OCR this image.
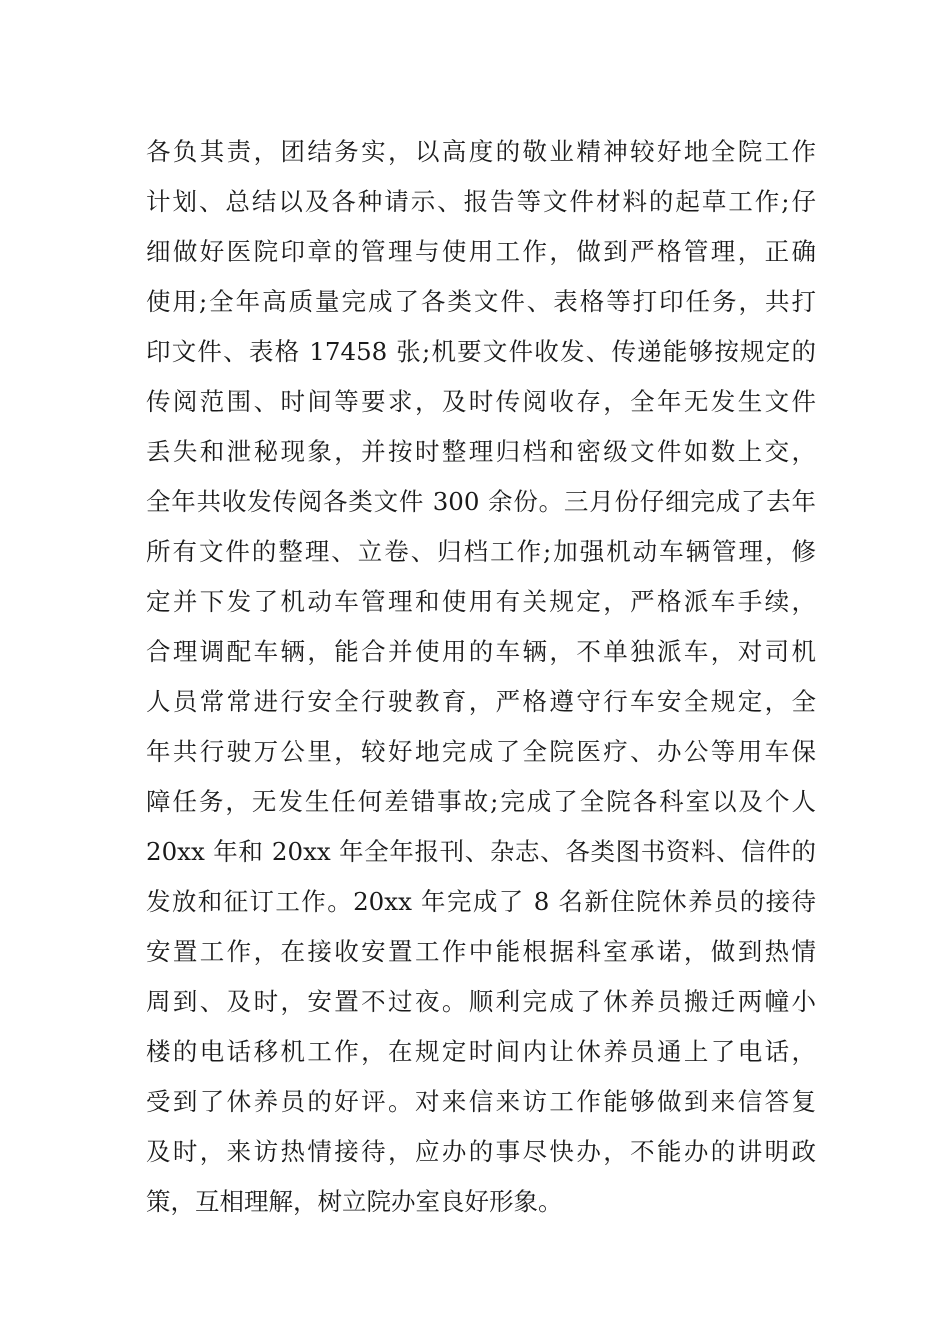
各负其责，团结务实，以高度的敬业精神较好地全院工作
计划、总结以及各种请示、报告等文件材料的起草工作;仔
细做好医院印章的管理与使用工作，做到严格管理，正确
使用;全年高质量完成了各类文件、表格等打印任务，共打
印文件、表格 17458 张;机要文件收发、传递能够按规定的
传阅范围、时间等要求，及时传阅收存，全年无发生文件
丢失和泄秘现象，并按时整理归档和密级文件如数上交，
全年共收发传阅各类文件 300 余份。三月份仔细完成了去年
所有文件的整理、立卷、归档工作;加强机动车辆管理，修
定并下发了机动车管理和使用有关规定，严格派车手续，
合理调配车辆，能合并使用的车辆，不单独派车，对司机
人员常常进行安全行驶教育，严格遵守行车安全规定，全
年共行驶万公里，较好地完成了全院医疗、办公等用车保
障任务，无发生任何差错事故;完成了全院各科室以及个人
20xx 年和 20xx 年全年报刊、杂志、各类图书资料、信件的
发放和征订工作。20xx 年完成了 8 名新住院休养员的接待
安置工作，在接收安置工作中能根据科室承诺，做到热情
周到、及时，安置不过夜。顺利完成了休养员搬迁两幢小
楼的电话移机工作，在规定时间内让休养员通上了电话，
受到了休养员的好评。对来信来访工作能够做到来信答复
及时，来访热情接待，应办的事尽快办，不能办的讲明政
策，互相理解，树立院办室良好形象。
